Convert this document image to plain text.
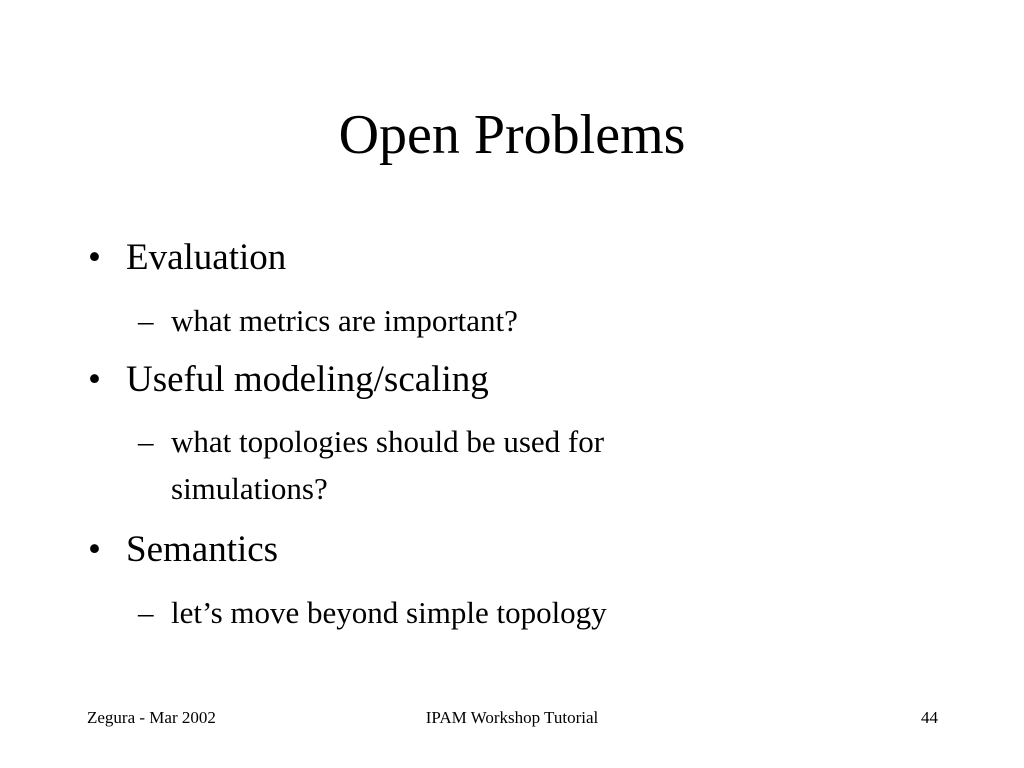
Open Problems
• Evaluation
– what metrics are important?
• Useful modeling/scaling
– what topologies should be used for simulations?
• Semantics
– let’s move beyond simple topology
Zegura - Mar 2002	IPAM Workshop Tutorial	44
